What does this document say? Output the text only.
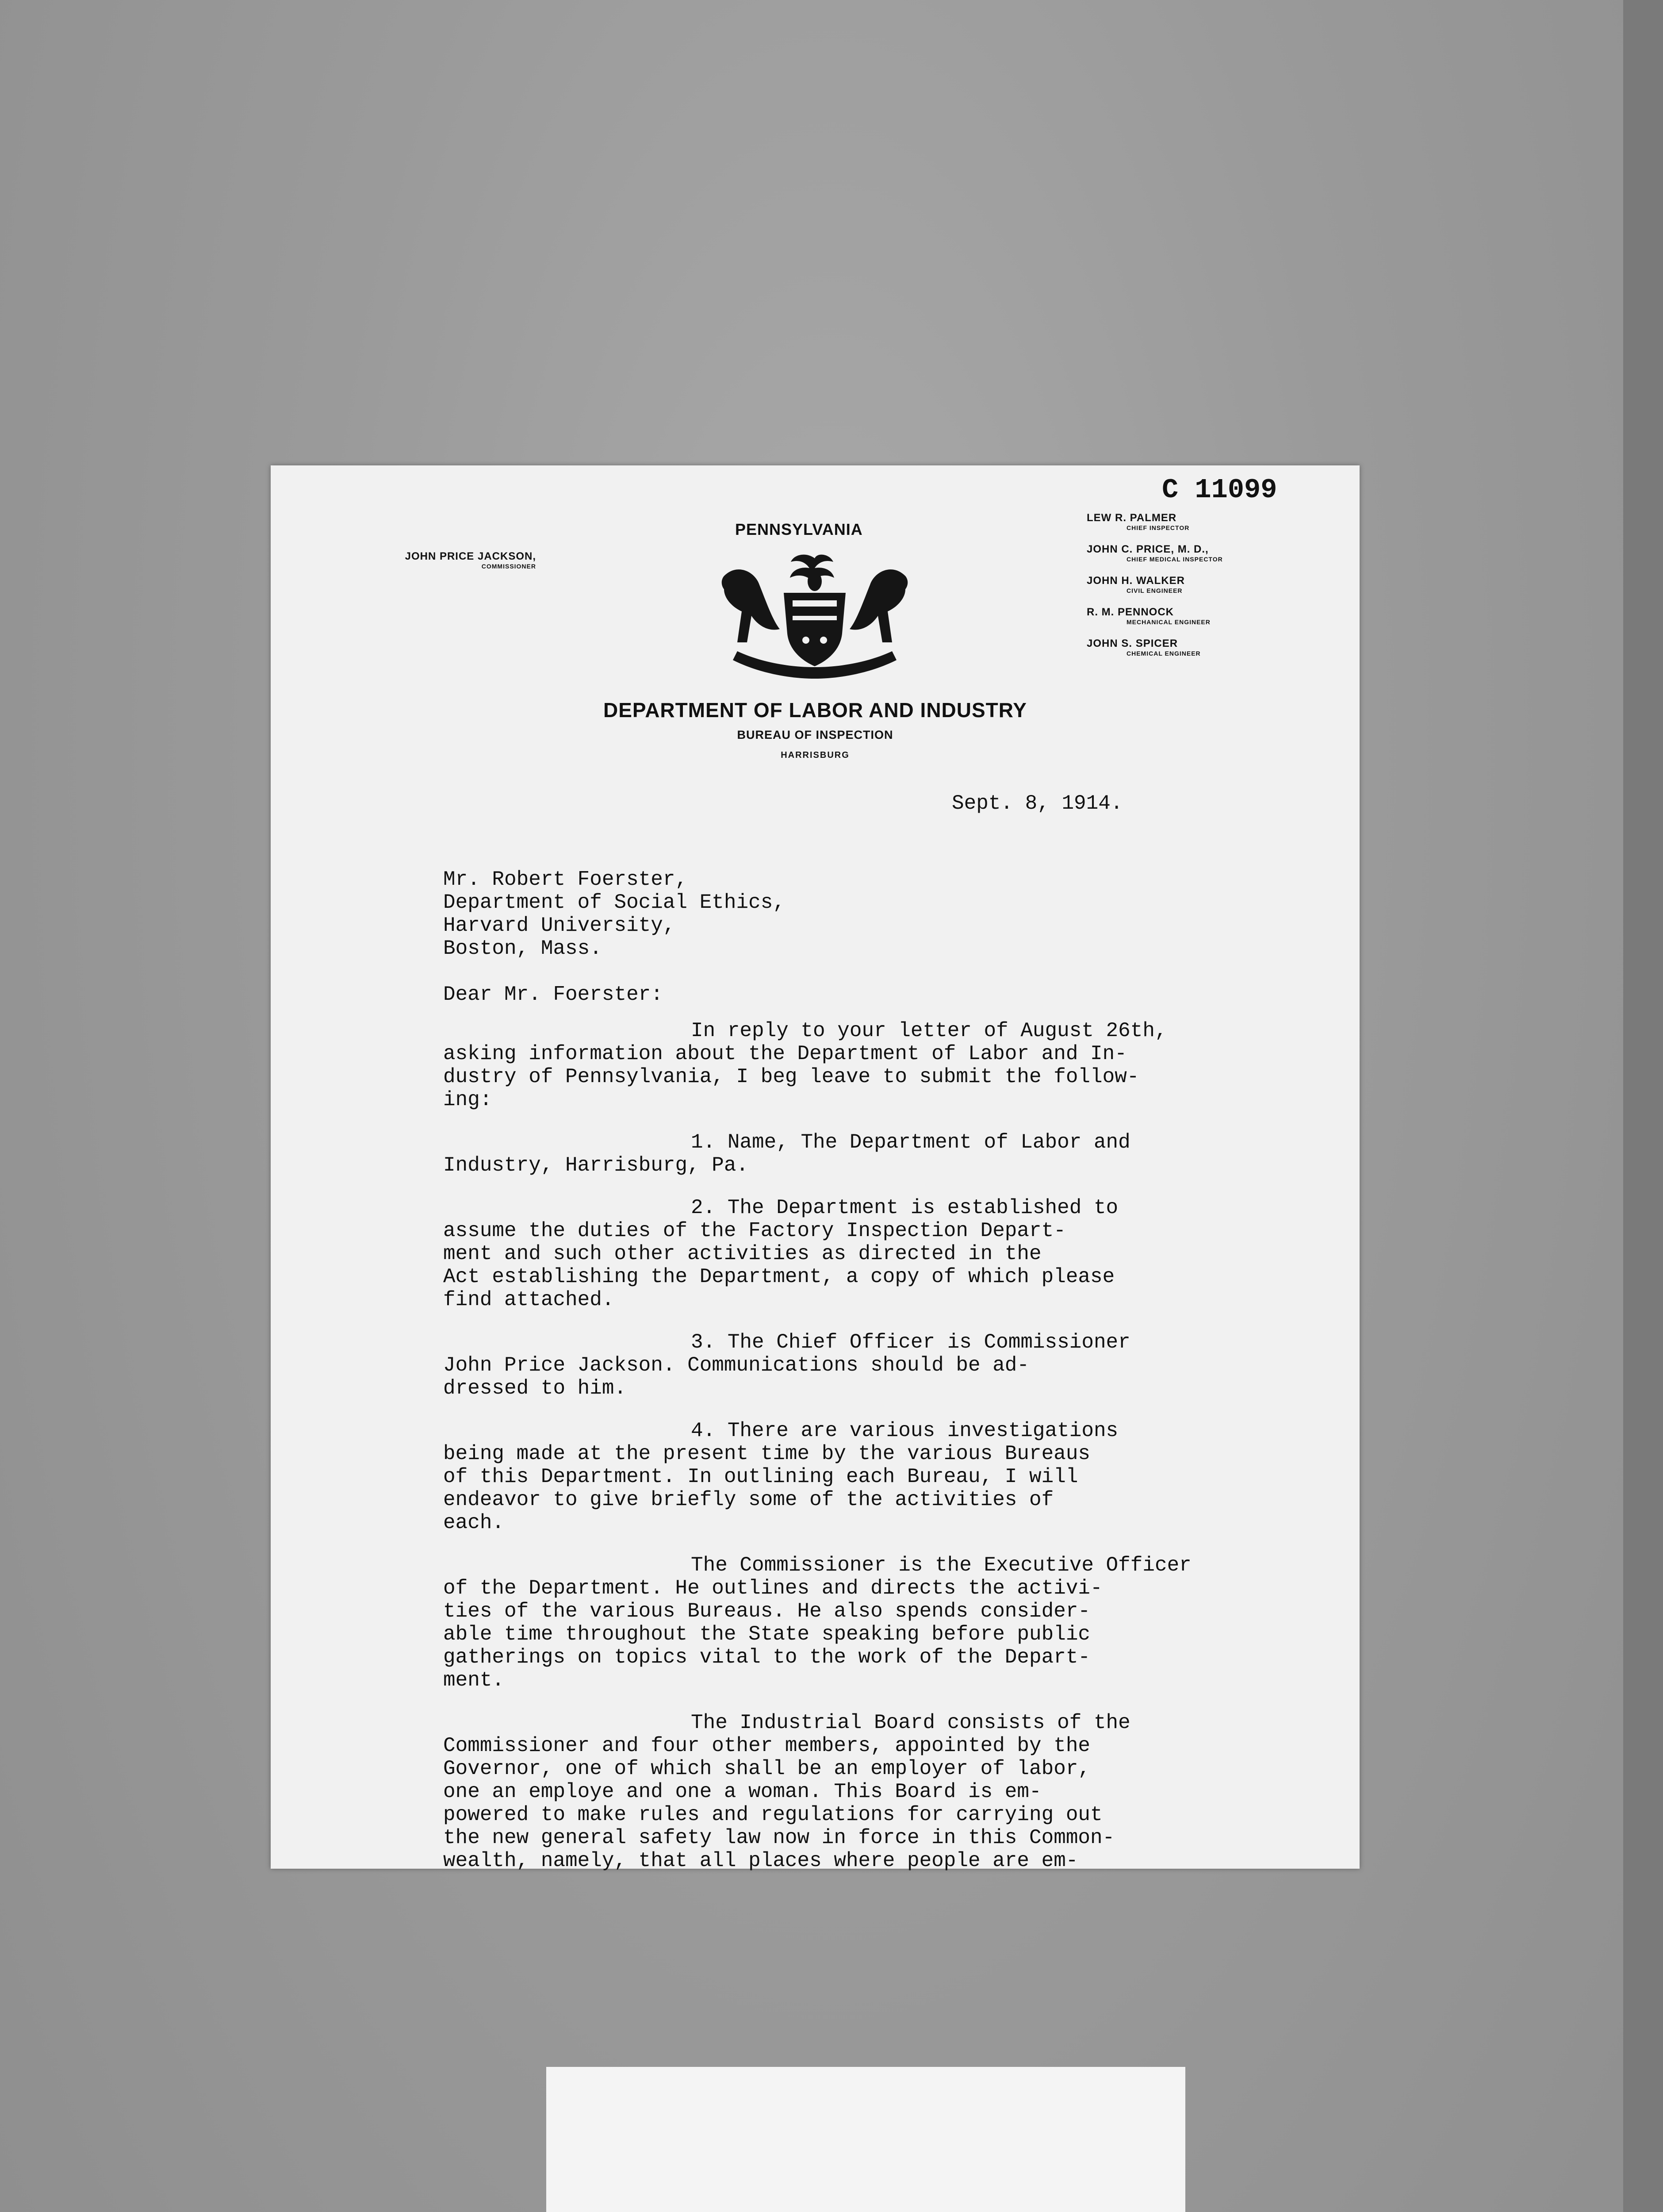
C 11099
JOHN PRICE JACKSON,
COMMISSIONER
PENNSYLVANIA
DEPARTMENT OF LABOR AND INDUSTRY
BUREAU OF INSPECTION
HARRISBURG
LEW R. PALMER
CHIEF INSPECTOR
JOHN C. PRICE, M. D.,
CHIEF MEDICAL INSPECTOR
JOHN H. WALKER
CIVIL ENGINEER
R. M. PENNOCK
MECHANICAL ENGINEER
JOHN S. SPICER
CHEMICAL ENGINEER
Sept. 8, 1914.
Mr. Robert Foerster,
Department of Social Ethics,
Harvard University,
Boston, Mass.
Dear Mr. Foerster:
In reply to your letter of August 26th,
asking information about the Department of Labor and In-
dustry of Pennsylvania, I beg leave to submit the follow-
ing:
1. Name, The Department of Labor and
Industry, Harrisburg, Pa.
2. The Department is established to
assume the duties of the Factory Inspection Depart-
ment and such other activities as directed in the
Act establishing the Department, a copy of which please
find attached.
3. The Chief Officer is Commissioner
John Price Jackson. Communications should be ad-
dressed to him.
4. There are various investigations
being made at the present time by the various Bureaus
of this Department. In outlining each Bureau, I will
endeavor to give briefly some of the activities of
each.
The Commissioner is the Executive Officer
of the Department. He outlines and directs the activi-
ties of the various Bureaus. He also spends consider-
able time throughout the State speaking before public
gatherings on topics vital to the work of the Depart-
ment.
The Industrial Board consists of the
Commissioner and four other members, appointed by the
Governor, one of which shall be an employer of labor,
one an employe and one a woman. This Board is em-
powered to make rules and regulations for carrying out
the new general safety law now in force in this Common-
wealth, namely, that all places where people are em-
